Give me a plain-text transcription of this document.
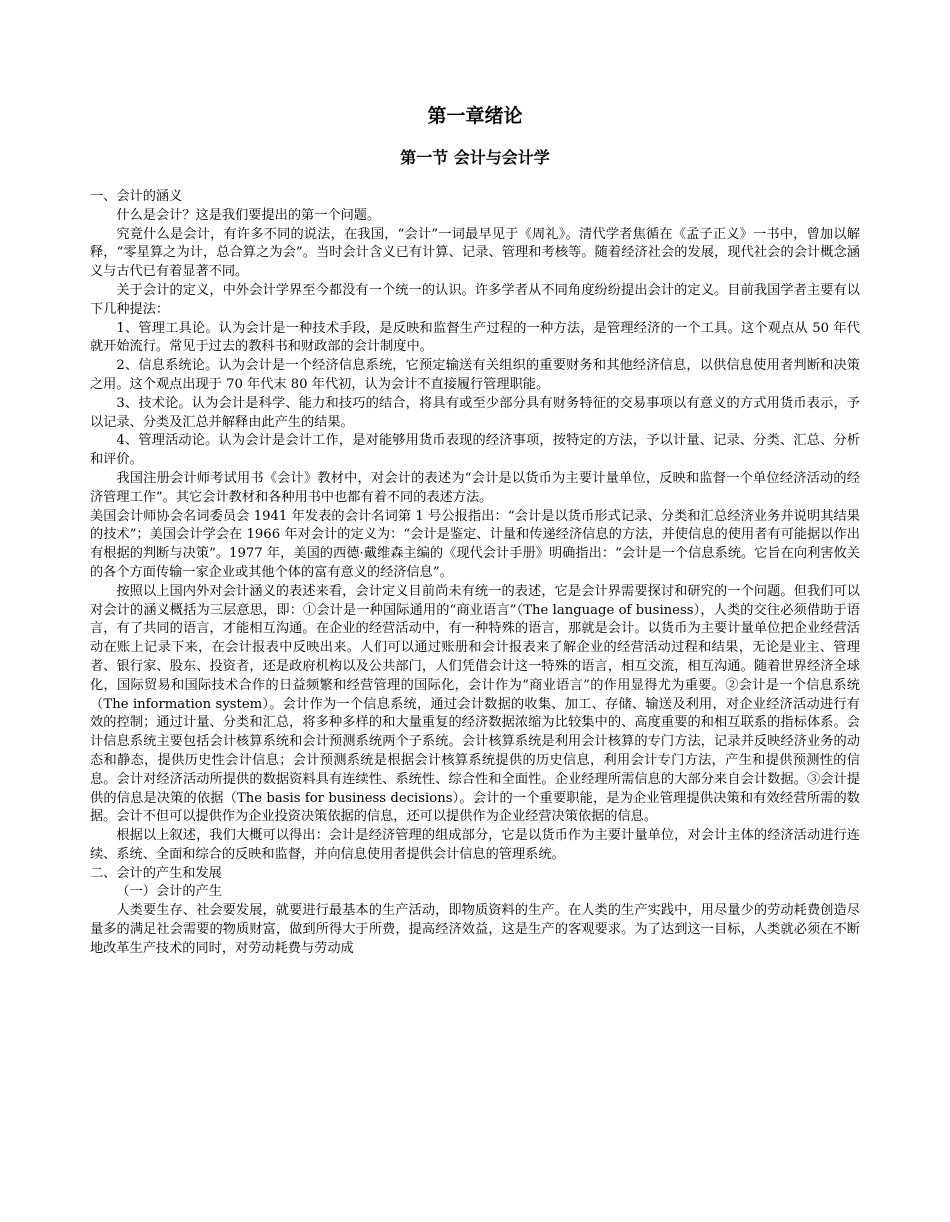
第一章绪论
第一节 会计与会计学

一、会计的涵义

什么是会计？这是我们要提出的第一个问题。

究竟什么是会计，有许多不同的说法，在我国，“会计”一词最早见于《周礼》。清代学者焦循在《孟子正义》一书中，曾加以解释，“零星算之为计，总合算之为会”。当时会计含义已有计算、记录、管理和考核等。随着经济社会的发展，现代社会的会计概念涵义与古代已有着显著不同。

关于会计的定义，中外会计学界至今都没有一个统一的认识。许多学者从不同角度纷纷提出会计的定义。目前我国学者主要有以下几种提法：

1、管理工具论。认为会计是一种技术手段，是反映和监督生产过程的一种方法，是管理经济的一个工具。这个观点从 50 年代就开始流行。常见于过去的教科书和财政部的会计制度中。

2、信息系统论。认为会计是一个经济信息系统，它预定输送有关组织的重要财务和其他经济信息，以供信息使用者判断和决策之用。这个观点出现于 70 年代末 80 年代初，认为会计不直接履行管理职能。

3、技术论。认为会计是科学、能力和技巧的结合，将具有或至少部分具有财务特征的交易事项以有意义的方式用货币表示，予以记录、分类及汇总并解释由此产生的结果。

4、管理活动论。认为会计是会计工作，是对能够用货币表现的经济事项，按特定的方法，予以计量、记录、分类、汇总、分析和评价。

我国注册会计师考试用书《会计》教材中，对会计的表述为“会计是以货币为主要计量单位，反映和监督一个单位经济活动的经济管理工作”。其它会计教材和各种用书中也都有着不同的表述方法。

美国会计师协会名词委员会 1941 年发表的会计名词第 1 号公报指出：“会计是以货币形式记录、分类和汇总经济业务并说明其结果的技术”；美国会计学会在 1966 年对会计的定义为：“会计是鉴定、计量和传递经济信息的方法，并使信息的使用者有可能据以作出有根据的判断与决策”。1977 年，美国的西德·戴维森主编的《现代会计手册》明确指出：“会计是一个信息系统。它旨在向利害攸关的各个方面传输一家企业或其他个体的富有意义的经济信息”。

按照以上国内外对会计涵义的表述来看，会计定义目前尚未有统一的表述，它是会计界需要探讨和研究的一个问题。但我们可以对会计的涵义概括为三层意思，即：①会计是一种国际通用的“商业语言”（The language of business），人类的交往必须借助于语言，有了共同的语言，才能相互沟通。在企业的经营活动中，有一种特殊的语言，那就是会计。以货币为主要计量单位把企业经营活动在账上记录下来，在会计报表中反映出来。人们可以通过账册和会计报表来了解企业的经营活动过程和结果，无论是业主、管理者、银行家、股东、投资者，还是政府机构以及公共部门，人们凭借会计这一特殊的语言，相互交流，相互沟通。随着世界经济全球化，国际贸易和国际技术合作的日益频繁和经营管理的国际化，会计作为“商业语言”的作用显得尤为重要。②会计是一个信息系统（The information system）。会计作为一个信息系统，通过会计数据的收集、加工、存储、输送及利用，对企业经济活动进行有效的控制；通过计量、分类和汇总，将多种多样的和大量重复的经济数据浓缩为比较集中的、高度重要的和相互联系的指标体系。会计信息系统主要包括会计核算系统和会计预测系统两个子系统。会计核算系统是利用会计核算的专门方法，记录并反映经济业务的动态和静态，提供历史性会计信息；会计预测系统是根据会计核算系统提供的历史信息，利用会计专门方法，产生和提供预测性的信息。会计对经济活动所提供的数据资料具有连续性、系统性、综合性和全面性。企业经理所需信息的大部分来自会计数据。③会计提供的信息是决策的依据（The basis for business decisions）。会计的一个重要职能，是为企业管理提供决策和有效经营所需的数据。会计不但可以提供作为企业投资决策依据的信息，还可以提供作为企业经营决策依据的信息。

根据以上叙述，我们大概可以得出：会计是经济管理的组成部分，它是以货币作为主要计量单位，对会计主体的经济活动进行连续、系统、全面和综合的反映和监督，并向信息使用者提供会计信息的管理系统。

二、会计的产生和发展

（一）会计的产生

人类要生存、社会要发展，就要进行最基本的生产活动，即物质资料的生产。在人类的生产实践中，用尽量少的劳动耗费创造尽量多的满足社会需要的物质财富，做到所得大于所费，提高经济效益，这是生产的客观要求。为了达到这一目标，人类就必须在不断地改革生产技术的同时，对劳动耗费与劳动成
